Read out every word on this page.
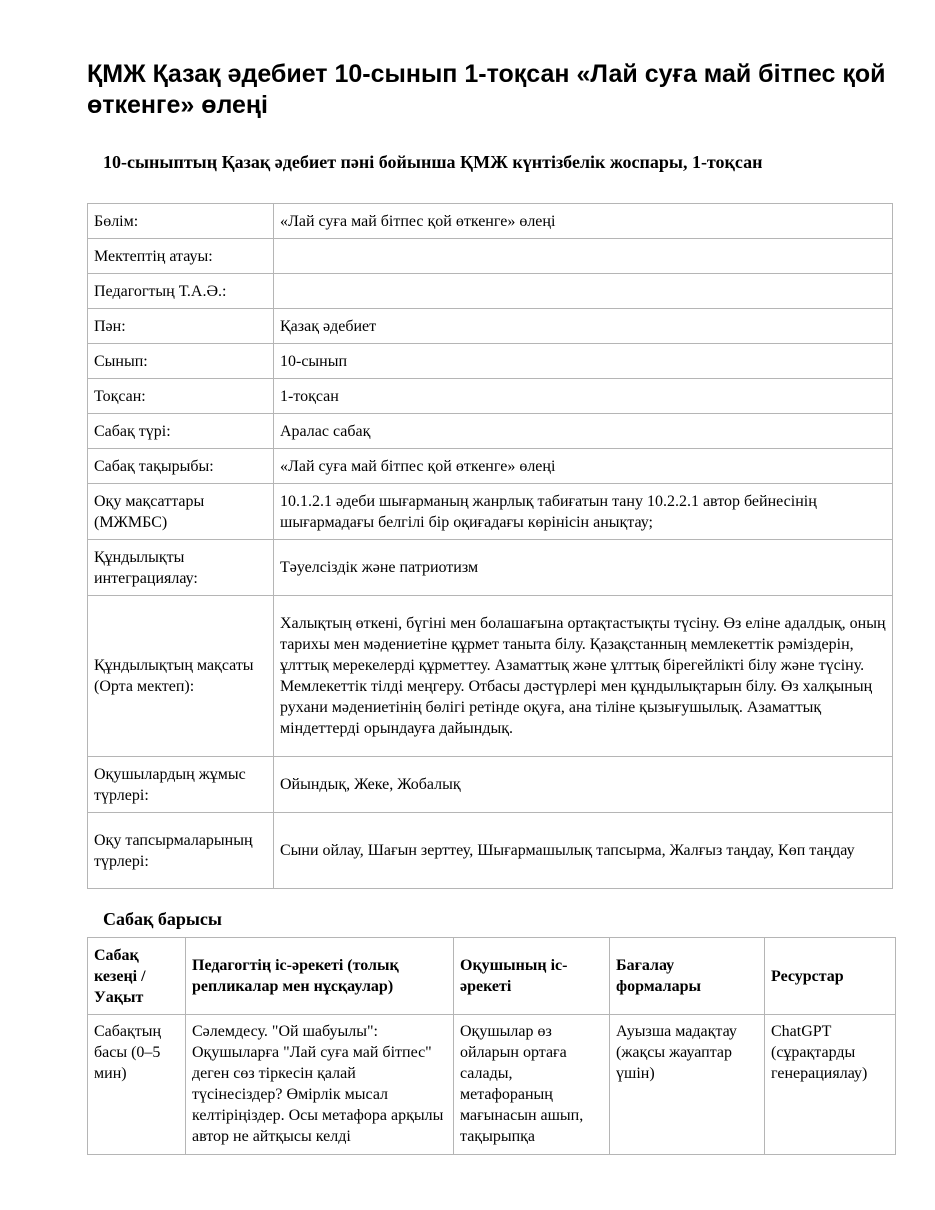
ҚМЖ Қазақ әдебиет 10-сынып 1-тоқсан «Лай суға май бітпес қой өткенге» өлеңі
10-сыныптың Қазақ әдебиет пәні бойынша ҚМЖ күнтізбелік жоспары, 1-тоқсан
Бөлім:	«Лай суға май бітпес қой өткенге» өлеңі
Мектептің атауы:	
Педагогтың Т.А.Ә.:	
Пән:	Қазақ әдебиет
Сынып:	10-сынып
Тоқсан:	1-тоқсан
Сабақ түрі:	Аралас сабақ
Сабақ тақырыбы:	«Лай суға май бітпес қой өткенге» өлеңі
Оқу мақсаттары (МЖМБС)	10.1.2.1 әдеби шығарманың жанрлық табиғатын тану 10.2.2.1 автор бейнесінің шығармадағы белгілі бір оқиғадағы көрінісін анықтау;
Құндылықты интеграциялау:	Тәуелсіздік және патриотизм
Құндылықтың мақсаты (Орта мектеп):	Халықтың өткені, бүгіні мен болашағына ортақтастықты түсіну. Өз еліне адалдық, оның тарихы мен мәдениетіне құрмет таныта білу. Қазақстанның мемлекеттік рәміздерін, ұлттық мерекелерді құрметтеу. Азаматтық және ұлттық бірегейлікті білу және түсіну. Мемлекеттік тілді меңгеру. Отбасы дәстүрлері мен құндылықтарын білу. Өз халқының рухани мәдениетінің бөлігі ретінде оқуға, ана тіліне қызығушылық. Азаматтық міндеттерді орындауға дайындық.
Оқушылардың жұмыс түрлері:	Ойындық, Жеке, Жобалық
Оқу тапсырмаларының түрлері:	Сыни ойлау, Шағын зерттеу, Шығармашылық тапсырма, Жалғыз таңдау, Көп таңдау
Сабақ барысы
Сабақ кезеңі / Уақыт	Педагогтің іс-әрекеті (толық репликалар мен нұсқаулар)	Оқушының іс-әрекеті	Бағалау формалары	Ресурстар

Сабақтың басы (0–5 мин)	Сәлемдесу. "Ой шабуылы": Оқушыларға "Лай суға май бітпес" деген сөз тіркесін қалай түсінесіздер? Өмірлік мысал келтіріңіздер. Осы метафора арқылы автор не айтқысы келді	Оқушылар өз ойларын ортаға салады, метафораның мағынасын ашып, тақырыпқа	Ауызша мадақтау (жақсы жауаптар үшін)	ChatGPT (сұрақтарды генерациялау)
